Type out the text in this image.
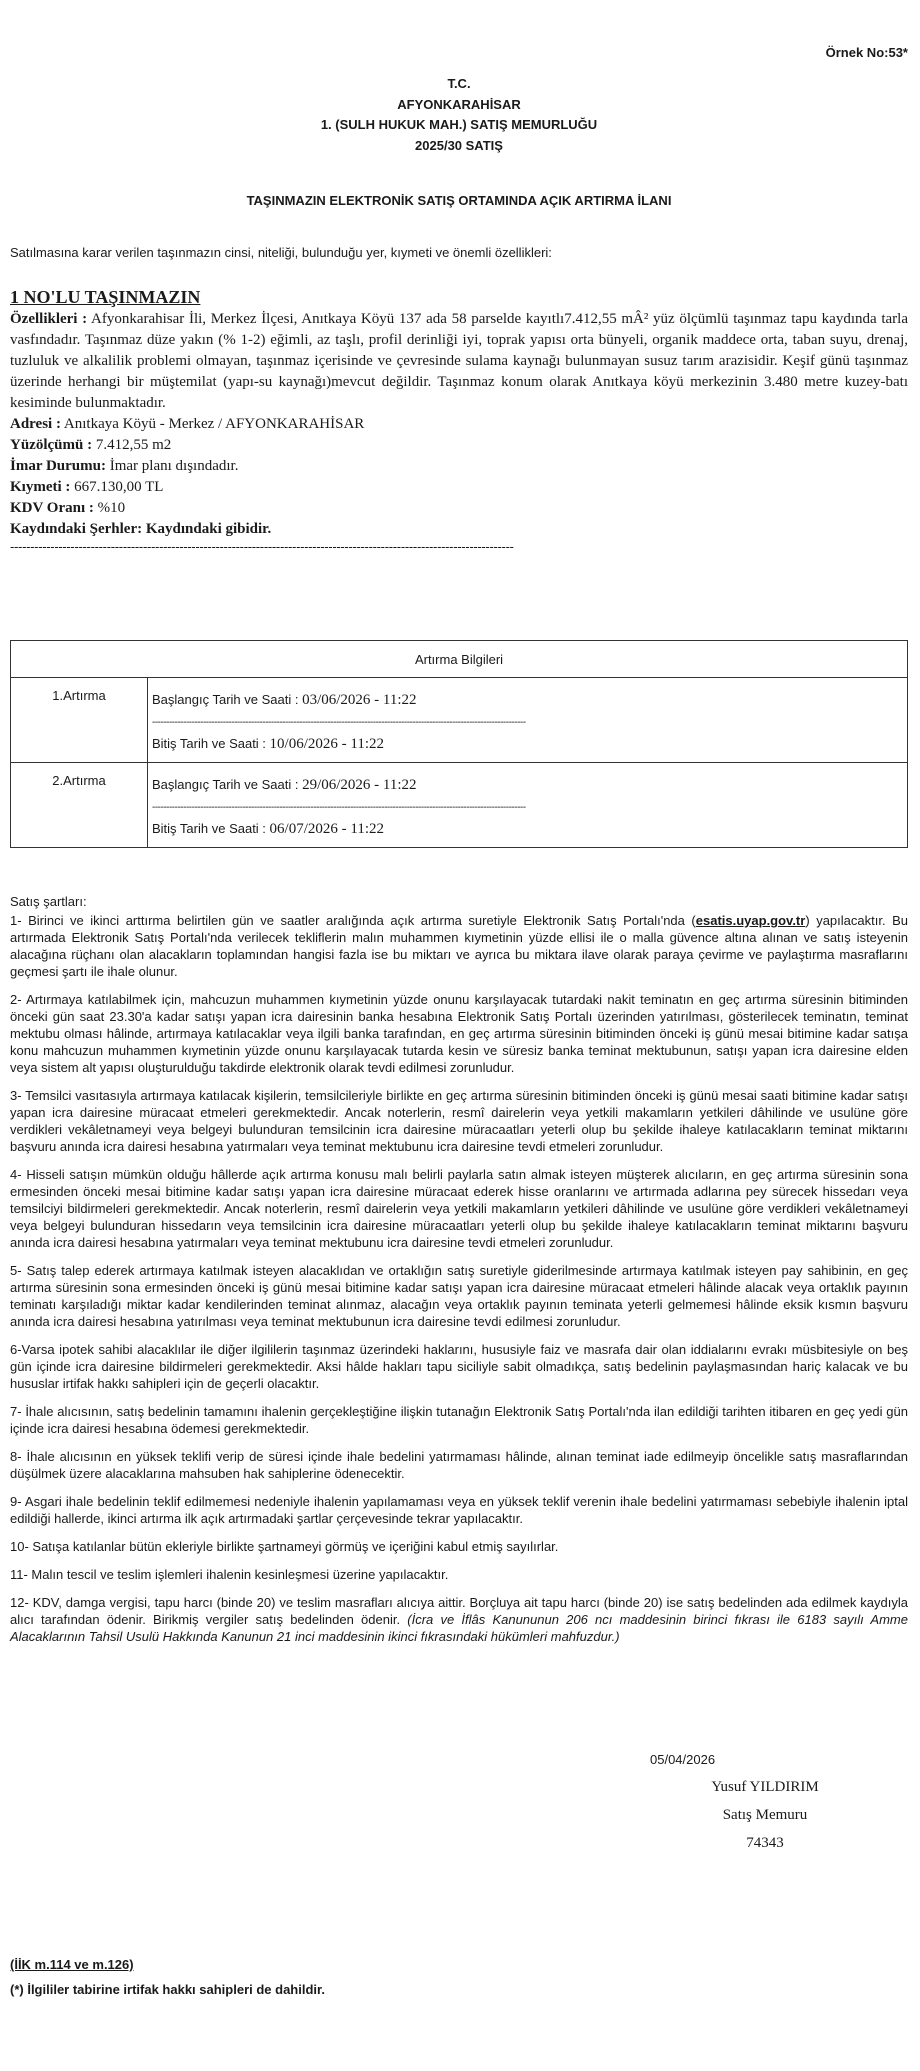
Örnek No:53*
T.C.
AFYONKARAHİSAR
1. (SULH HUKUK MAH.) SATIŞ MEMURLUĞU
2025/30 SATIŞ
TAŞINMAZIN ELEKTRONİK SATIŞ ORTAMINDA AÇIK ARTIRMA İLANI
Satılmasına karar verilen taşınmazın cinsi, niteliği, bulunduğu yer, kıymeti ve önemli özellikleri:
1 NO'LU TAŞINMAZIN
Özellikleri : Afyonkarahisar İli, Merkez İlçesi, Anıtkaya Köyü 137 ada 58 parselde kayıtlı7.412,55 mÂ² yüz ölçümlü taşınmaz tapu kaydında tarla vasfındadır. Taşınmaz düze yakın (% 1-2) eğimli, az taşlı, profil derinliği iyi, toprak yapısı orta bünyeli, organik maddece orta, taban suyu, drenaj, tuzluluk ve alkalilik problemi olmayan, taşınmaz içerisinde ve çevresinde sulama kaynağı bulunmayan susuz tarım arazisidir. Keşif günü taşınmaz üzerinde herhangi bir müştemilat (yapı-su kaynağı)mevcut değildir. Taşınmaz konum olarak Anıtkaya köyü merkezinin 3.480 metre kuzey-batı kesiminde bulunmaktadır.
Adresi : Anıtkaya Köyü - Merkez / AFYONKARAHİSAR
Yüzölçümü : 7.412,55 m2
İmar Durumu: İmar planı dışındadır.
Kıymeti : 667.130,00 TL
KDV Oranı : %10
Kaydındaki Şerhler: Kaydındaki gibidir.
-----------------------------------------------------------------------------------------------------------------------------
Artırma Bilgileri	
1.Artırma	Başlangıç Tarih ve Saati : 03/06/2026 - 11:22
------------------------------------------------------------------------------------------------------------------------------------
Bitiş Tarih ve Saati : 10/06/2026 - 11:22

2.Artırma	Başlangıç Tarih ve Saati : 29/06/2026 - 11:22
------------------------------------------------------------------------------------------------------------------------------------
Bitiş Tarih ve Saati : 06/07/2026 - 11:22

Satış şartları:

1- Birinci ve ikinci arttırma belirtilen gün ve saatler aralığında açık artırma suretiyle Elektronik Satış Portalı'nda (esatis.uyap.gov.tr) yapılacaktır. Bu artırmada Elektronik Satış Portalı'nda verilecek tekliflerin malın muhammen kıymetinin yüzde ellisi ile o malla güvence altına alınan ve satış isteyenin alacağına rüçhanı olan alacakların toplamından hangisi fazla ise bu miktarı ve ayrıca bu miktara ilave olarak paraya çevirme ve paylaştırma masraflarını geçmesi şartı ile ihale olunur.

2- Artırmaya katılabilmek için, mahcuzun muhammen kıymetinin yüzde onunu karşılayacak tutardaki nakit teminatın en geç artırma süresinin bitiminden önceki gün saat 23.30'a kadar satışı yapan icra dairesinin banka hesabına Elektronik Satış Portalı üzerinden yatırılması, gösterilecek teminatın, teminat mektubu olması hâlinde, artırmaya katılacaklar veya ilgili banka tarafından, en geç artırma süresinin bitiminden önceki iş günü mesai bitimine kadar satışa konu mahcuzun muhammen kıymetinin yüzde onunu karşılayacak tutarda kesin ve süresiz banka teminat mektubunun, satışı yapan icra dairesine elden veya sistem alt yapısı oluşturulduğu takdirde elektronik olarak tevdi edilmesi zorunludur.

3- Temsilci vasıtasıyla artırmaya katılacak kişilerin, temsilcileriyle birlikte en geç artırma süresinin bitiminden önceki iş günü mesai saati bitimine kadar satışı yapan icra dairesine müracaat etmeleri gerekmektedir. Ancak noterlerin, resmî dairelerin veya yetkili makamların yetkileri dâhilinde ve usulüne göre verdikleri vekâletnameyi veya belgeyi bulunduran temsilcinin icra dairesine müracaatları yeterli olup bu şekilde ihaleye katılacakların teminat miktarını başvuru anında icra dairesi hesabına yatırmaları veya teminat mektubunu icra dairesine tevdi etmeleri zorunludur.

4- Hisseli satışın mümkün olduğu hâllerde açık artırma konusu malı belirli paylarla satın almak isteyen müşterek alıcıların, en geç artırma süresinin sona ermesinden önceki mesai bitimine kadar satışı yapan icra dairesine müracaat ederek hisse oranlarını ve artırmada adlarına pey sürecek hissedarı veya temsilciyi bildirmeleri gerekmektedir. Ancak noterlerin, resmî dairelerin veya yetkili makamların yetkileri dâhilinde ve usulüne göre verdikleri vekâletnameyi veya belgeyi bulunduran hissedarın veya temsilcinin icra dairesine müracaatları yeterli olup bu şekilde ihaleye katılacakların teminat miktarını başvuru anında icra dairesi hesabına yatırmaları veya teminat mektubunu icra dairesine tevdi etmeleri zorunludur.

5- Satış talep ederek artırmaya katılmak isteyen alacaklıdan ve ortaklığın satış suretiyle giderilmesinde artırmaya katılmak isteyen pay sahibinin, en geç artırma süresinin sona ermesinden önceki iş günü mesai bitimine kadar satışı yapan icra dairesine müracaat etmeleri hâlinde alacak veya ortaklık payının teminatı karşıladığı miktar kadar kendilerinden teminat alınmaz, alacağın veya ortaklık payının teminata yeterli gelmemesi hâlinde eksik kısmın başvuru anında icra dairesi hesabına yatırılması veya teminat mektubunun icra dairesine tevdi edilmesi zorunludur.

6-Varsa ipotek sahibi alacaklılar ile diğer ilgililerin taşınmaz üzerindeki haklarını, hususiyle faiz ve masrafa dair olan iddialarını evrakı müsbitesiyle on beş gün içinde icra dairesine bildirmeleri gerekmektedir. Aksi hâlde hakları tapu siciliyle sabit olmadıkça, satış bedelinin paylaşmasından hariç kalacak ve bu hususlar irtifak hakkı sahipleri için de geçerli olacaktır.

7- İhale alıcısının, satış bedelinin tamamını ihalenin gerçekleştiğine ilişkin tutanağın Elektronik Satış Portalı'nda ilan edildiği tarihten itibaren en geç yedi gün içinde icra dairesi hesabına ödemesi gerekmektedir.

8- İhale alıcısının en yüksek teklifi verip de süresi içinde ihale bedelini yatırmaması hâlinde, alınan teminat iade edilmeyip öncelikle satış masraflarından düşülmek üzere alacaklarına mahsuben hak sahiplerine ödenecektir.

9- Asgari ihale bedelinin teklif edilmemesi nedeniyle ihalenin yapılamaması veya en yüksek teklif verenin ihale bedelini yatırmaması sebebiyle ihalenin iptal edildiği hallerde, ikinci artırma ilk açık artırmadaki şartlar çerçevesinde tekrar yapılacaktır.

10- Satışa katılanlar bütün ekleriyle birlikte şartnameyi görmüş ve içeriğini kabul etmiş sayılırlar.

11- Malın tescil ve teslim işlemleri ihalenin kesinleşmesi üzerine yapılacaktır.

12- KDV, damga vergisi, tapu harcı (binde 20) ve teslim masrafları alıcıya aittir. Borçluya ait tapu harcı (binde 20) ise satış bedelinden ada edilmek kaydıyla alıcı tarafından ödenir. Birikmiş vergiler satış bedelinden ödenir. (İcra ve İflâs Kanununun 206 ncı maddesinin birinci fıkrası ile 6183 sayılı Amme Alacaklarının Tahsil Usulü Hakkında Kanunun 21 inci maddesinin ikinci fıkrasındaki hükümleri mahfuzdur.)

05/04/2026
Yusuf YILDIRIM
Satış Memuru
74343
(İİK m.114 ve m.126)
(*) İlgililer tabirine irtifak hakkı sahipleri de dahildir.
